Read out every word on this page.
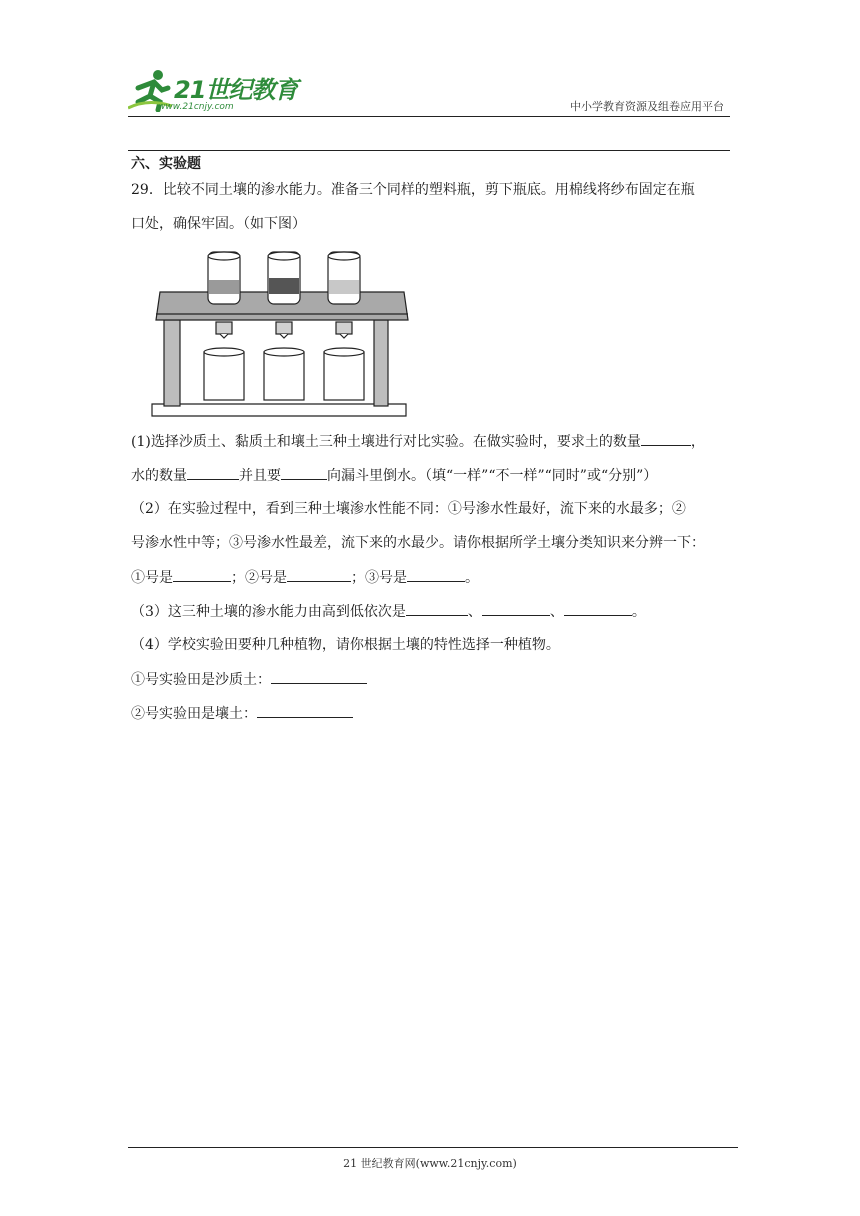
21世纪教育
www.21cnjy.com	中小学教育资源及组卷应用平台
六、实验题
29．比较不同土壤的渗水能力。准备三个同样的塑料瓶，剪下瓶底。用棉线将纱布固定在瓶
口处，确保牢固。（如下图）
(1)选择沙质土、黏质土和壤土三种土壤进行对比实验。在做实验时，要求土的数量	，
水的数量	并且要	向漏斗里倒水。（填“一样”“不一样”“同时”或“分别”）
（2）在实验过程中，看到三种土壤渗水性能不同：①号渗水性最好，流下来的水最多；②
号渗水性中等；③号渗水性最差，流下来的水最少。请你根据所学土壤分类知识来分辨一下：
①号是	；②号是	；③号是	。
（3）这三种土壤的渗水能力由高到低依次是	、	、	。
（4）学校实验田要种几种植物，请你根据土壤的特性选择一种植物。
①号实验田是沙质土：
②号实验田是壤土：
21 世纪教育网(www.21cnjy.com)
